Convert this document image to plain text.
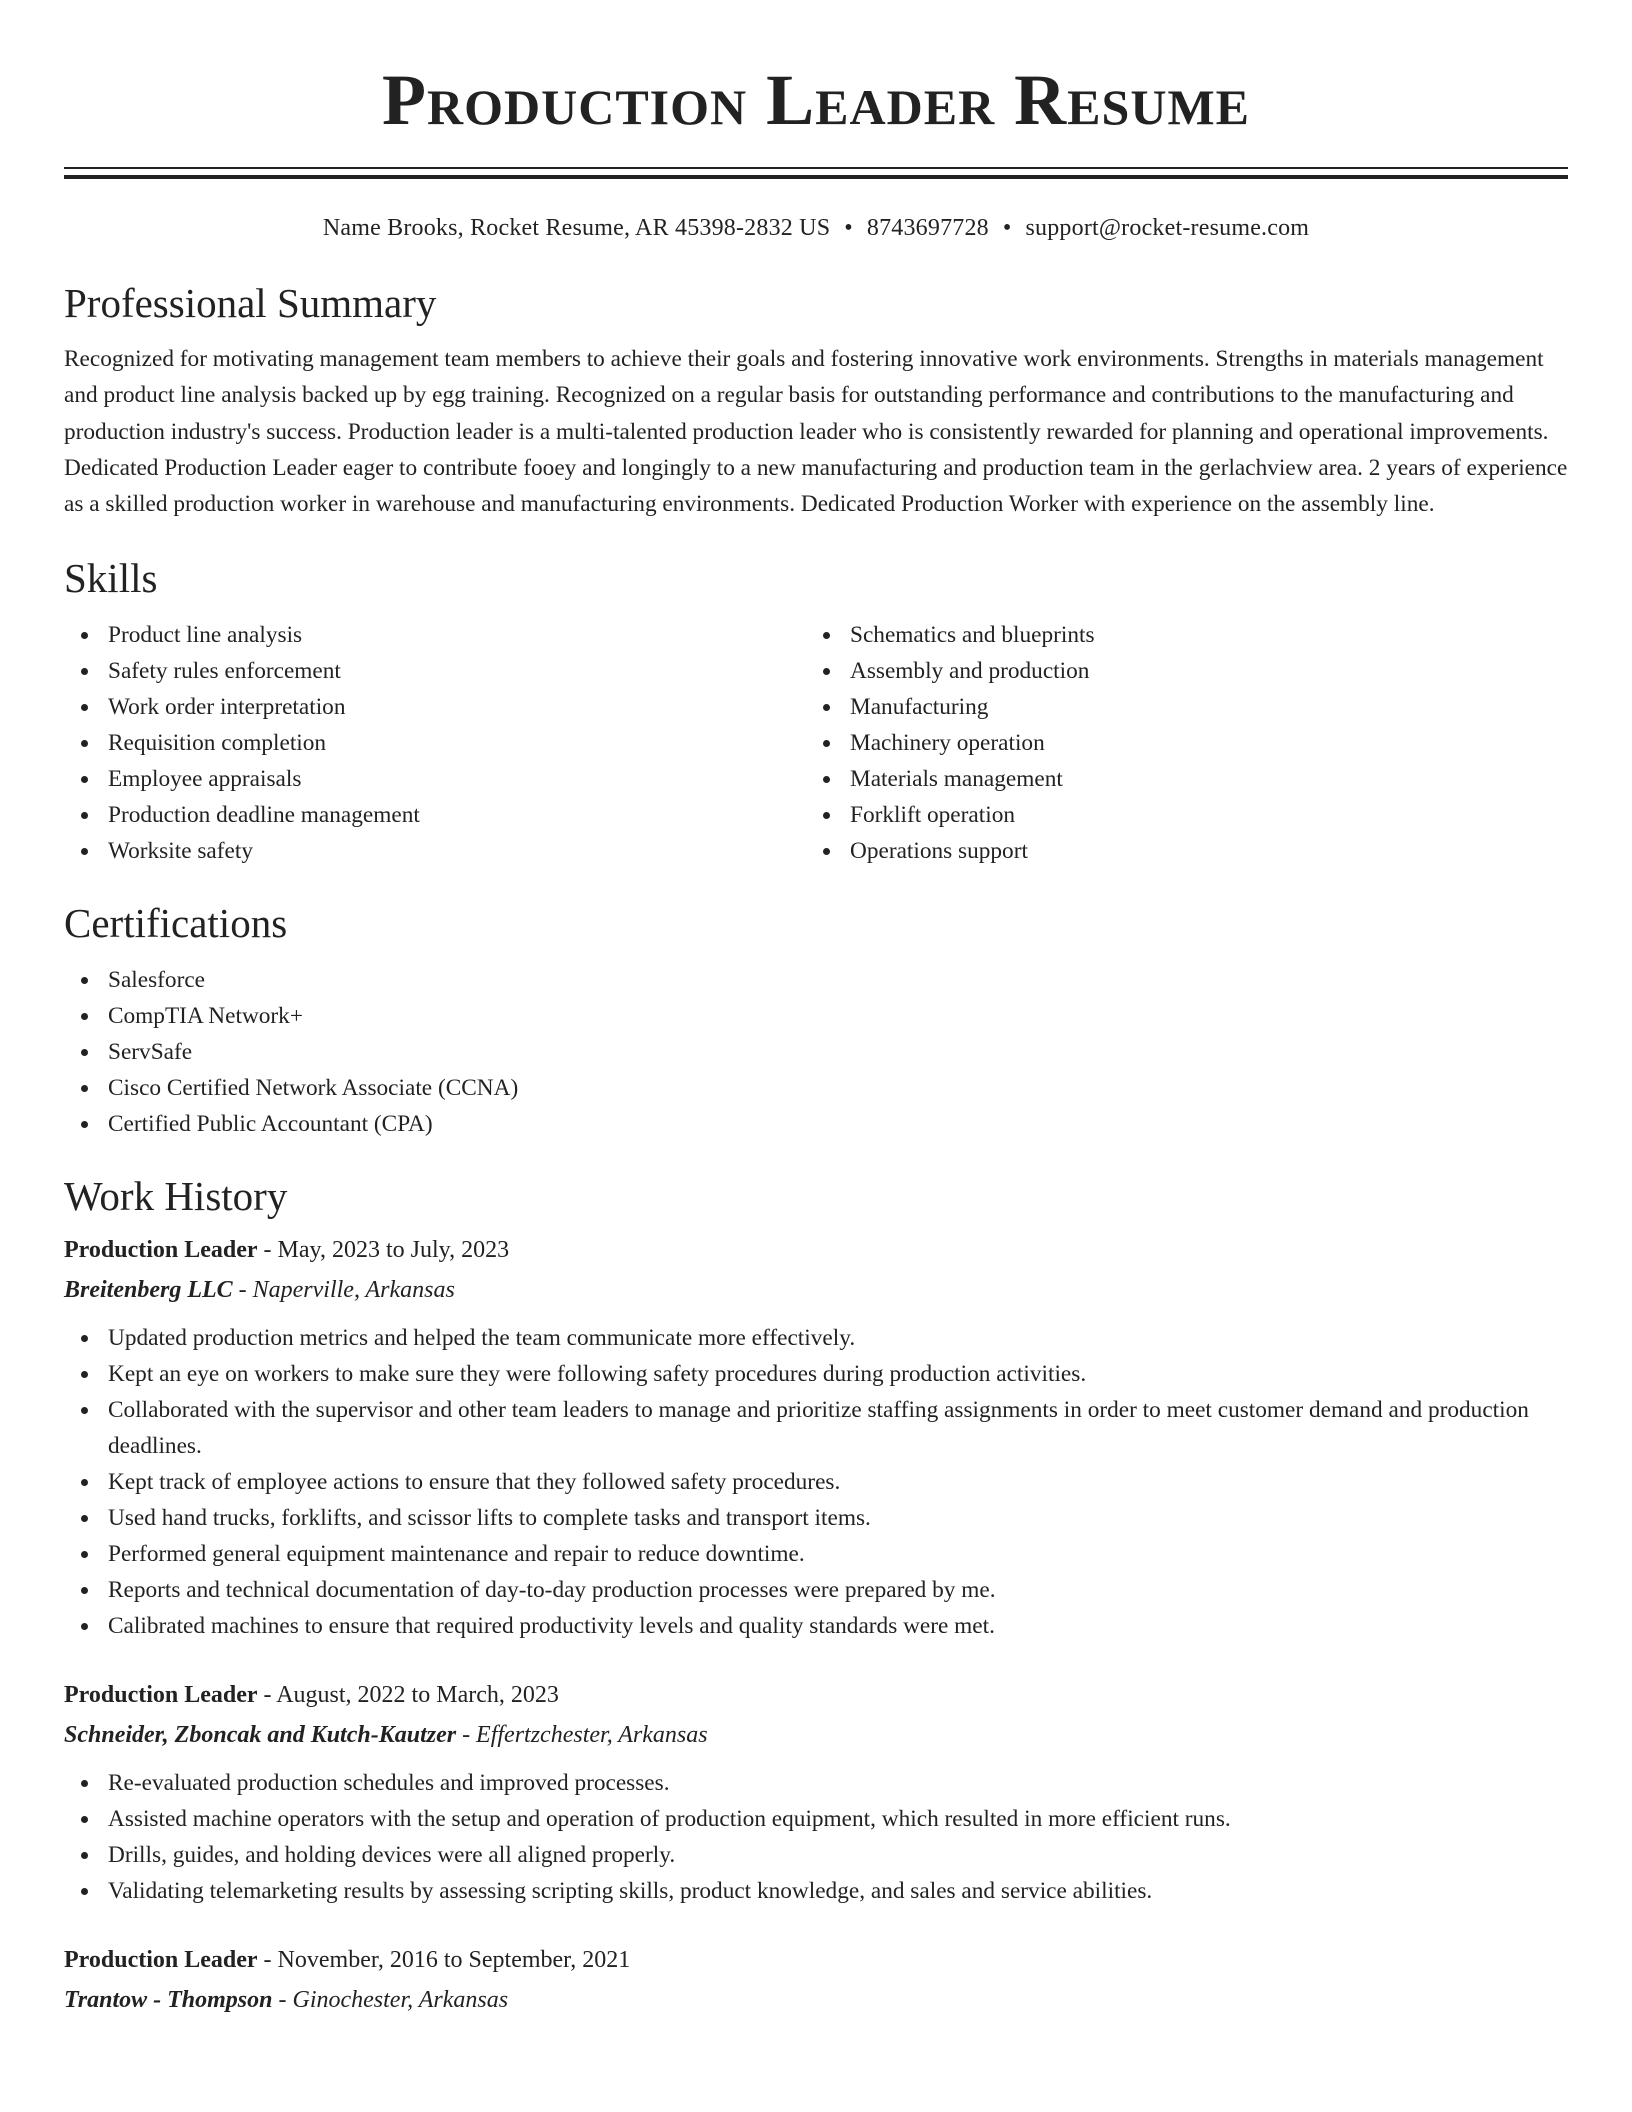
Production Leader Resume
Name Brooks, Rocket Resume, AR 45398-2832 US • 8743697728 • support@rocket-resume.com
Professional Summary

Recognized for motivating management team members to achieve their goals and fostering innovative work environments. Strengths in materials management and product line analysis backed up by egg training. Recognized on a regular basis for outstanding performance and contributions to the manufacturing and production industry's success. Production leader is a multi-talented production leader who is consistently rewarded for planning and operational improvements. Dedicated Production Leader eager to contribute fooey and longingly to a new manufacturing and production team in the gerlachview area. 2 years of experience as a skilled production worker in warehouse and manufacturing environments. Dedicated Production Worker with experience on the assembly line.

Skills
Product line analysis
Safety rules enforcement
Work order interpretation
Requisition completion
Employee appraisals
Production deadline management
Worksite safety
Schematics and blueprints
Assembly and production
Manufacturing
Machinery operation
Materials management
Forklift operation
Operations support
Certifications
Salesforce
CompTIA Network+
ServSafe
Cisco Certified Network Associate (CCNA)
Certified Public Accountant (CPA)
Work History
Production Leader - May, 2023 to July, 2023
Breitenberg LLC - Naperville, Arkansas
Updated production metrics and helped the team communicate more effectively.
Kept an eye on workers to make sure they were following safety procedures during production activities.
Collaborated with the supervisor and other team leaders to manage and prioritize staffing assignments in order to meet customer demand and production deadlines.
Kept track of employee actions to ensure that they followed safety procedures.
Used hand trucks, forklifts, and scissor lifts to complete tasks and transport items.
Performed general equipment maintenance and repair to reduce downtime.
Reports and technical documentation of day-to-day production processes were prepared by me.
Calibrated machines to ensure that required productivity levels and quality standards were met.
Production Leader - August, 2022 to March, 2023
Schneider, Zboncak and Kutch-Kautzer - Effertzchester, Arkansas
Re-evaluated production schedules and improved processes.
Assisted machine operators with the setup and operation of production equipment, which resulted in more efficient runs.
Drills, guides, and holding devices were all aligned properly.
Validating telemarketing results by assessing scripting skills, product knowledge, and sales and service abilities.
Production Leader - November, 2016 to September, 2021
Trantow - Thompson - Ginochester, Arkansas
